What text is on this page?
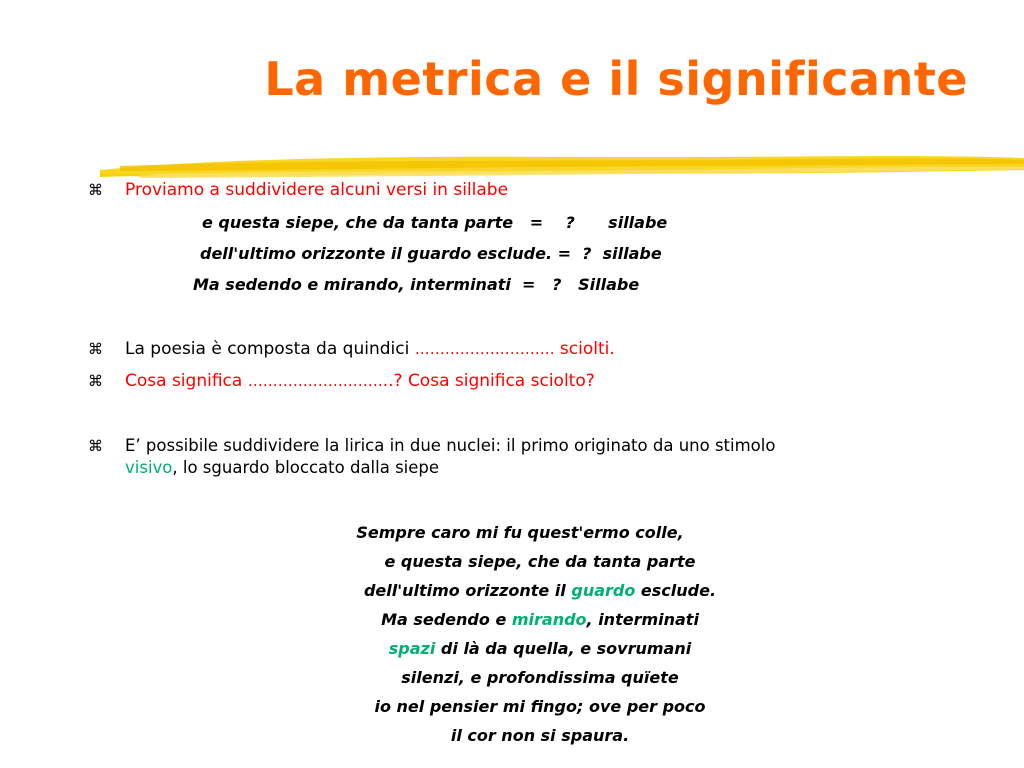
La metrica e il significante
⌘ Proviamo a suddividere alcuni versi in sillabe
e questa siepe, che da tanta parte   =    ?      sillabe
dell'ultimo orizzonte il guardo esclude. =  ?  sillabe
Ma sedendo e mirando, interminati  =   ?   Sillabe
⌘ La poesia è composta da quindici ………………………. sciolti.
⌘ Cosa significa ………………………..? Cosa significa sciolto?
⌘ E’ possibile suddividere la lirica in due nuclei: il primo originato da uno stimolo
visivo, lo sguardo bloccato dalla siepe
Sempre caro mi fu quest'ermo colle,
e questa siepe, che da tanta parte
dell'ultimo orizzonte il guardo esclude.
Ma sedendo e mirando, interminati
spazi di là da quella, e sovrumani
silenzi, e profondissima quïete
io nel pensier mi fingo; ove per poco
il cor non si spaura.
